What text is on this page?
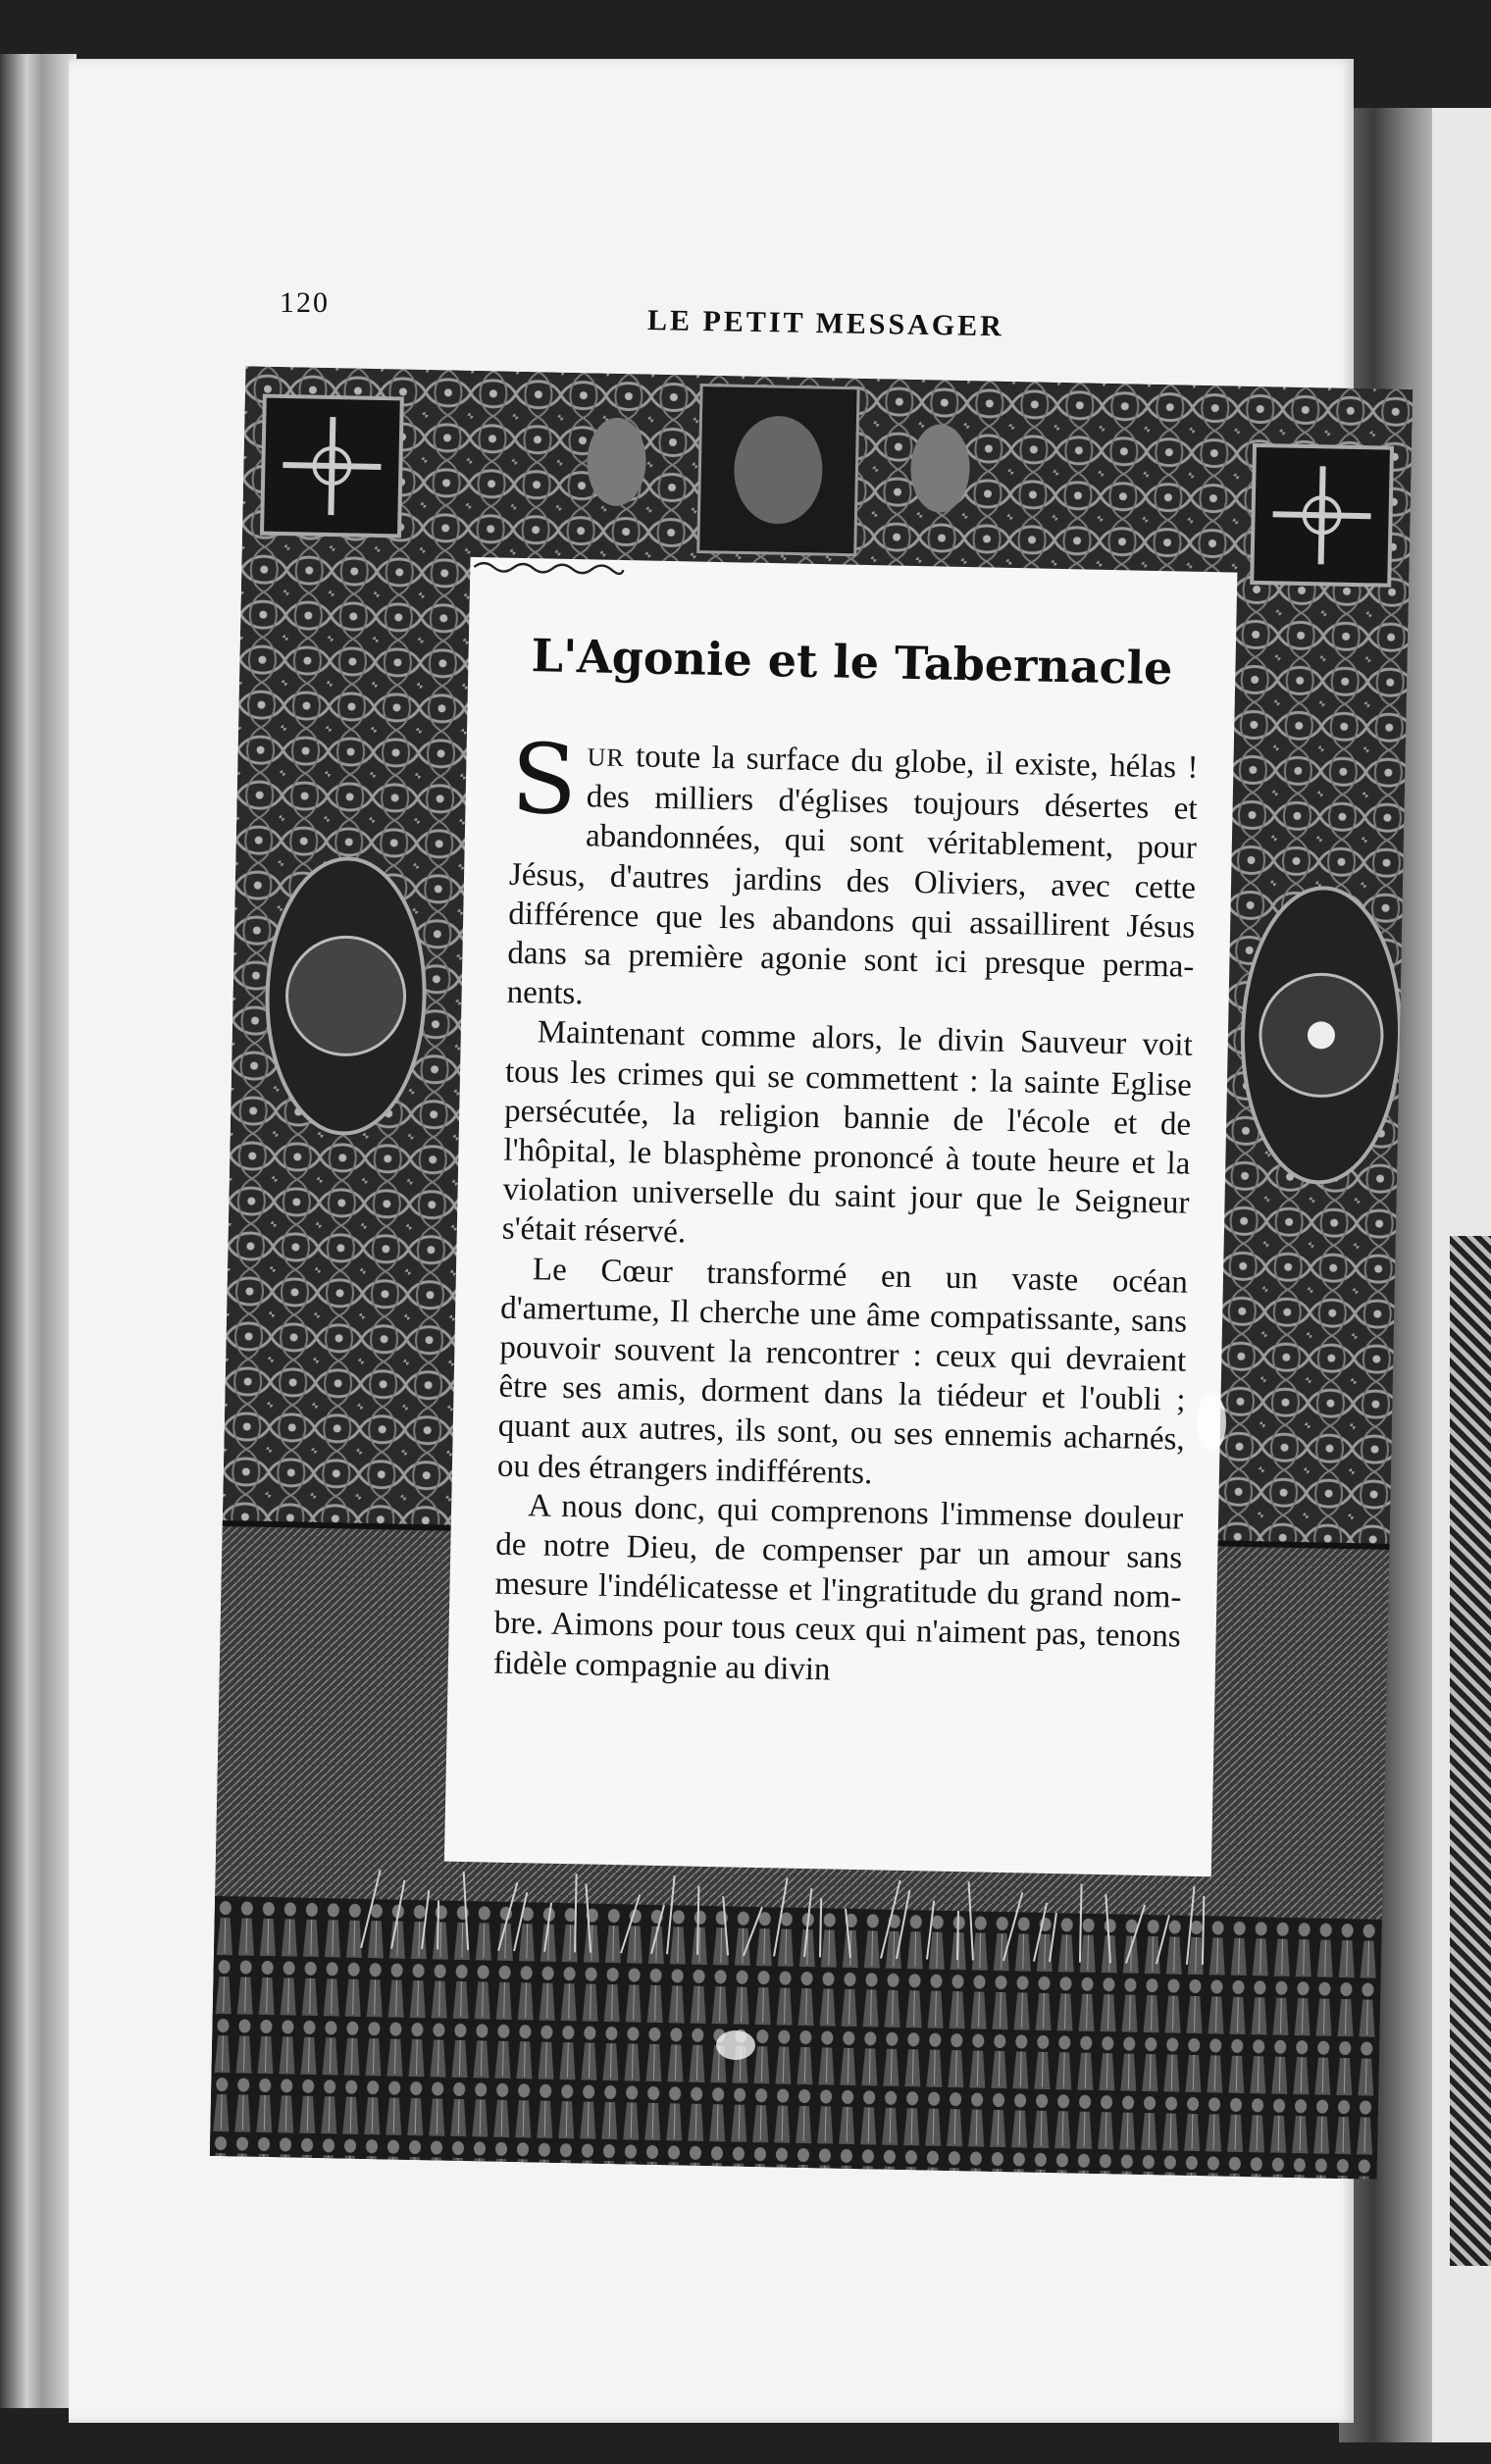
120
LE PETIT MESSAGER
L'Agonie et le Tabernacle

SUR toute la surface du globe, il existe, hélas ! des milliers d'églises toujours désertes et abandonnées, qui sont véritablement, pour Jésus, d'autres jardins des Oliviers, avec cette différence que les abandons qui assaillirent Jésus dans sa première agonie sont ici presque permanents.

Maintenant comme alors, le divin Sauveur voit tous les crimes qui se commettent : la sainte Eglise persécutée, la religion bannie de l'école et de l'hôpital, le blasphème prononcé à toute heure et la violation universelle du saint jour que le Seigneur s'était réservé.

Le Cœur transformé en un vaste océan d'amertume, Il cherche une âme compatissante, sans pouvoir souvent la rencontrer : ceux qui devraient être ses amis, dorment dans la tiédeur et l'oubli ; quant aux autres, ils sont, ou ses ennemis acharnés, ou des étrangers indifférents.

A nous donc, qui comprenons l'immense douleur de notre Dieu, de compenser par un amour sans mesure l'indélicatesse et l'ingratitude du grand nombre. Aimons pour tous ceux qui n'aiment pas, tenons fidèle compagnie au divin
